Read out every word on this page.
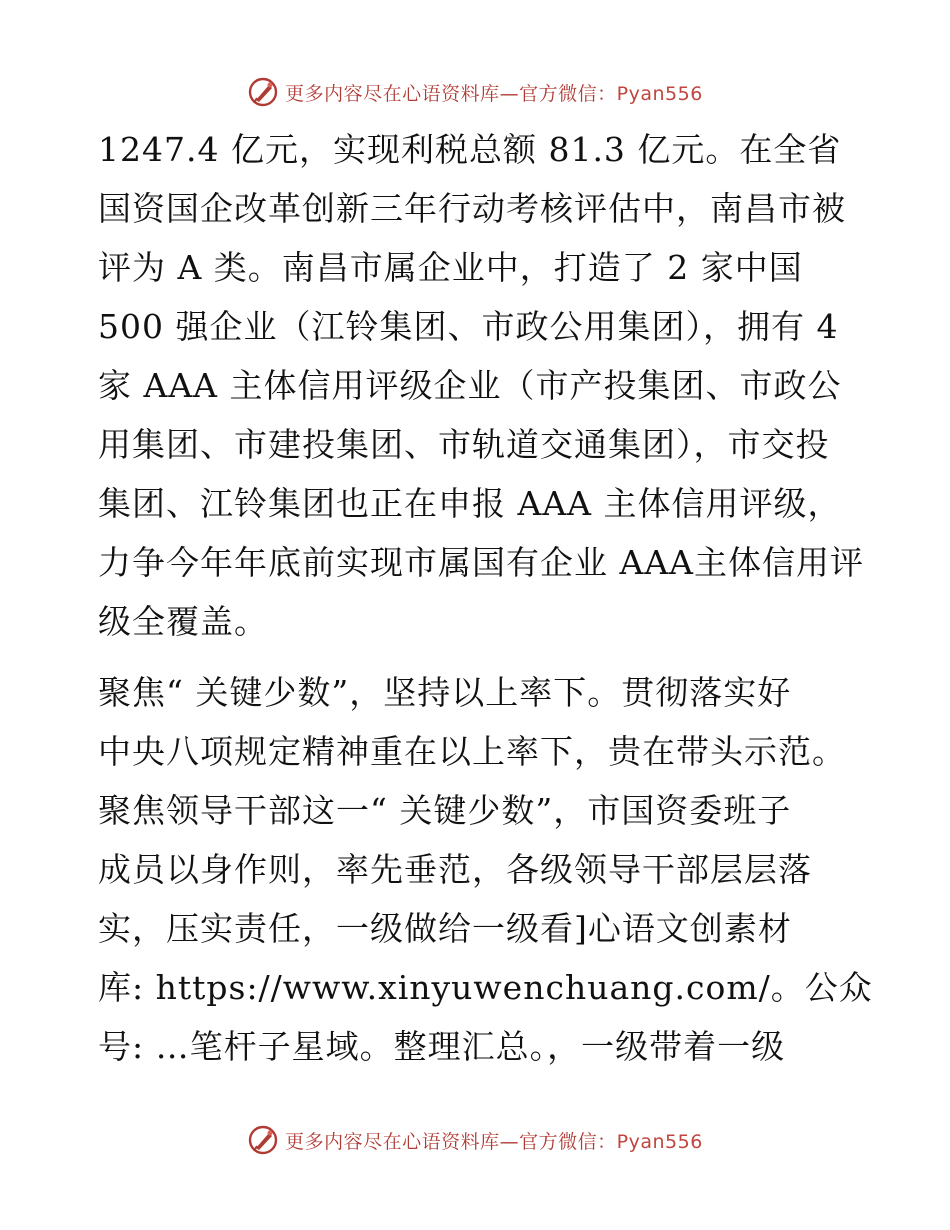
更多内容尽在心语资料库—官方微信：Pyan556
1247.4 亿元，实现利税总额 81.3 亿元。在全省
国资国企改革创新三年行动考核评估中，南昌市被
评为 A 类。南昌市属企业中，打造了 2 家中国
500 强企业（江铃集团、市政公用集团），拥有 4
家 AAA 主体信用评级企业（市产投集团、市政公
用集团、市建投集团、市轨道交通集团），市交投
集团、江铃集团也正在申报 AAA 主体信用评级，
力争今年年底前实现市属国有企业 AAA主体信用评
级全覆盖。
聚焦“ 关键少数”，坚持以上率下。贯彻落实好
中央八项规定精神重在以上率下，贵在带头示范。
聚焦领导干部这一“ 关键少数”，市国资委班子
成员以身作则，率先垂范，各级领导干部层层落
实，压实责任，一级做给一级看]心语文创素材
库: https://www.xinyuwenchuang.com/。公众
号: …笔杆子星域。整理汇总。，一级带着一级
更多内容尽在心语资料库—官方微信：Pyan556
